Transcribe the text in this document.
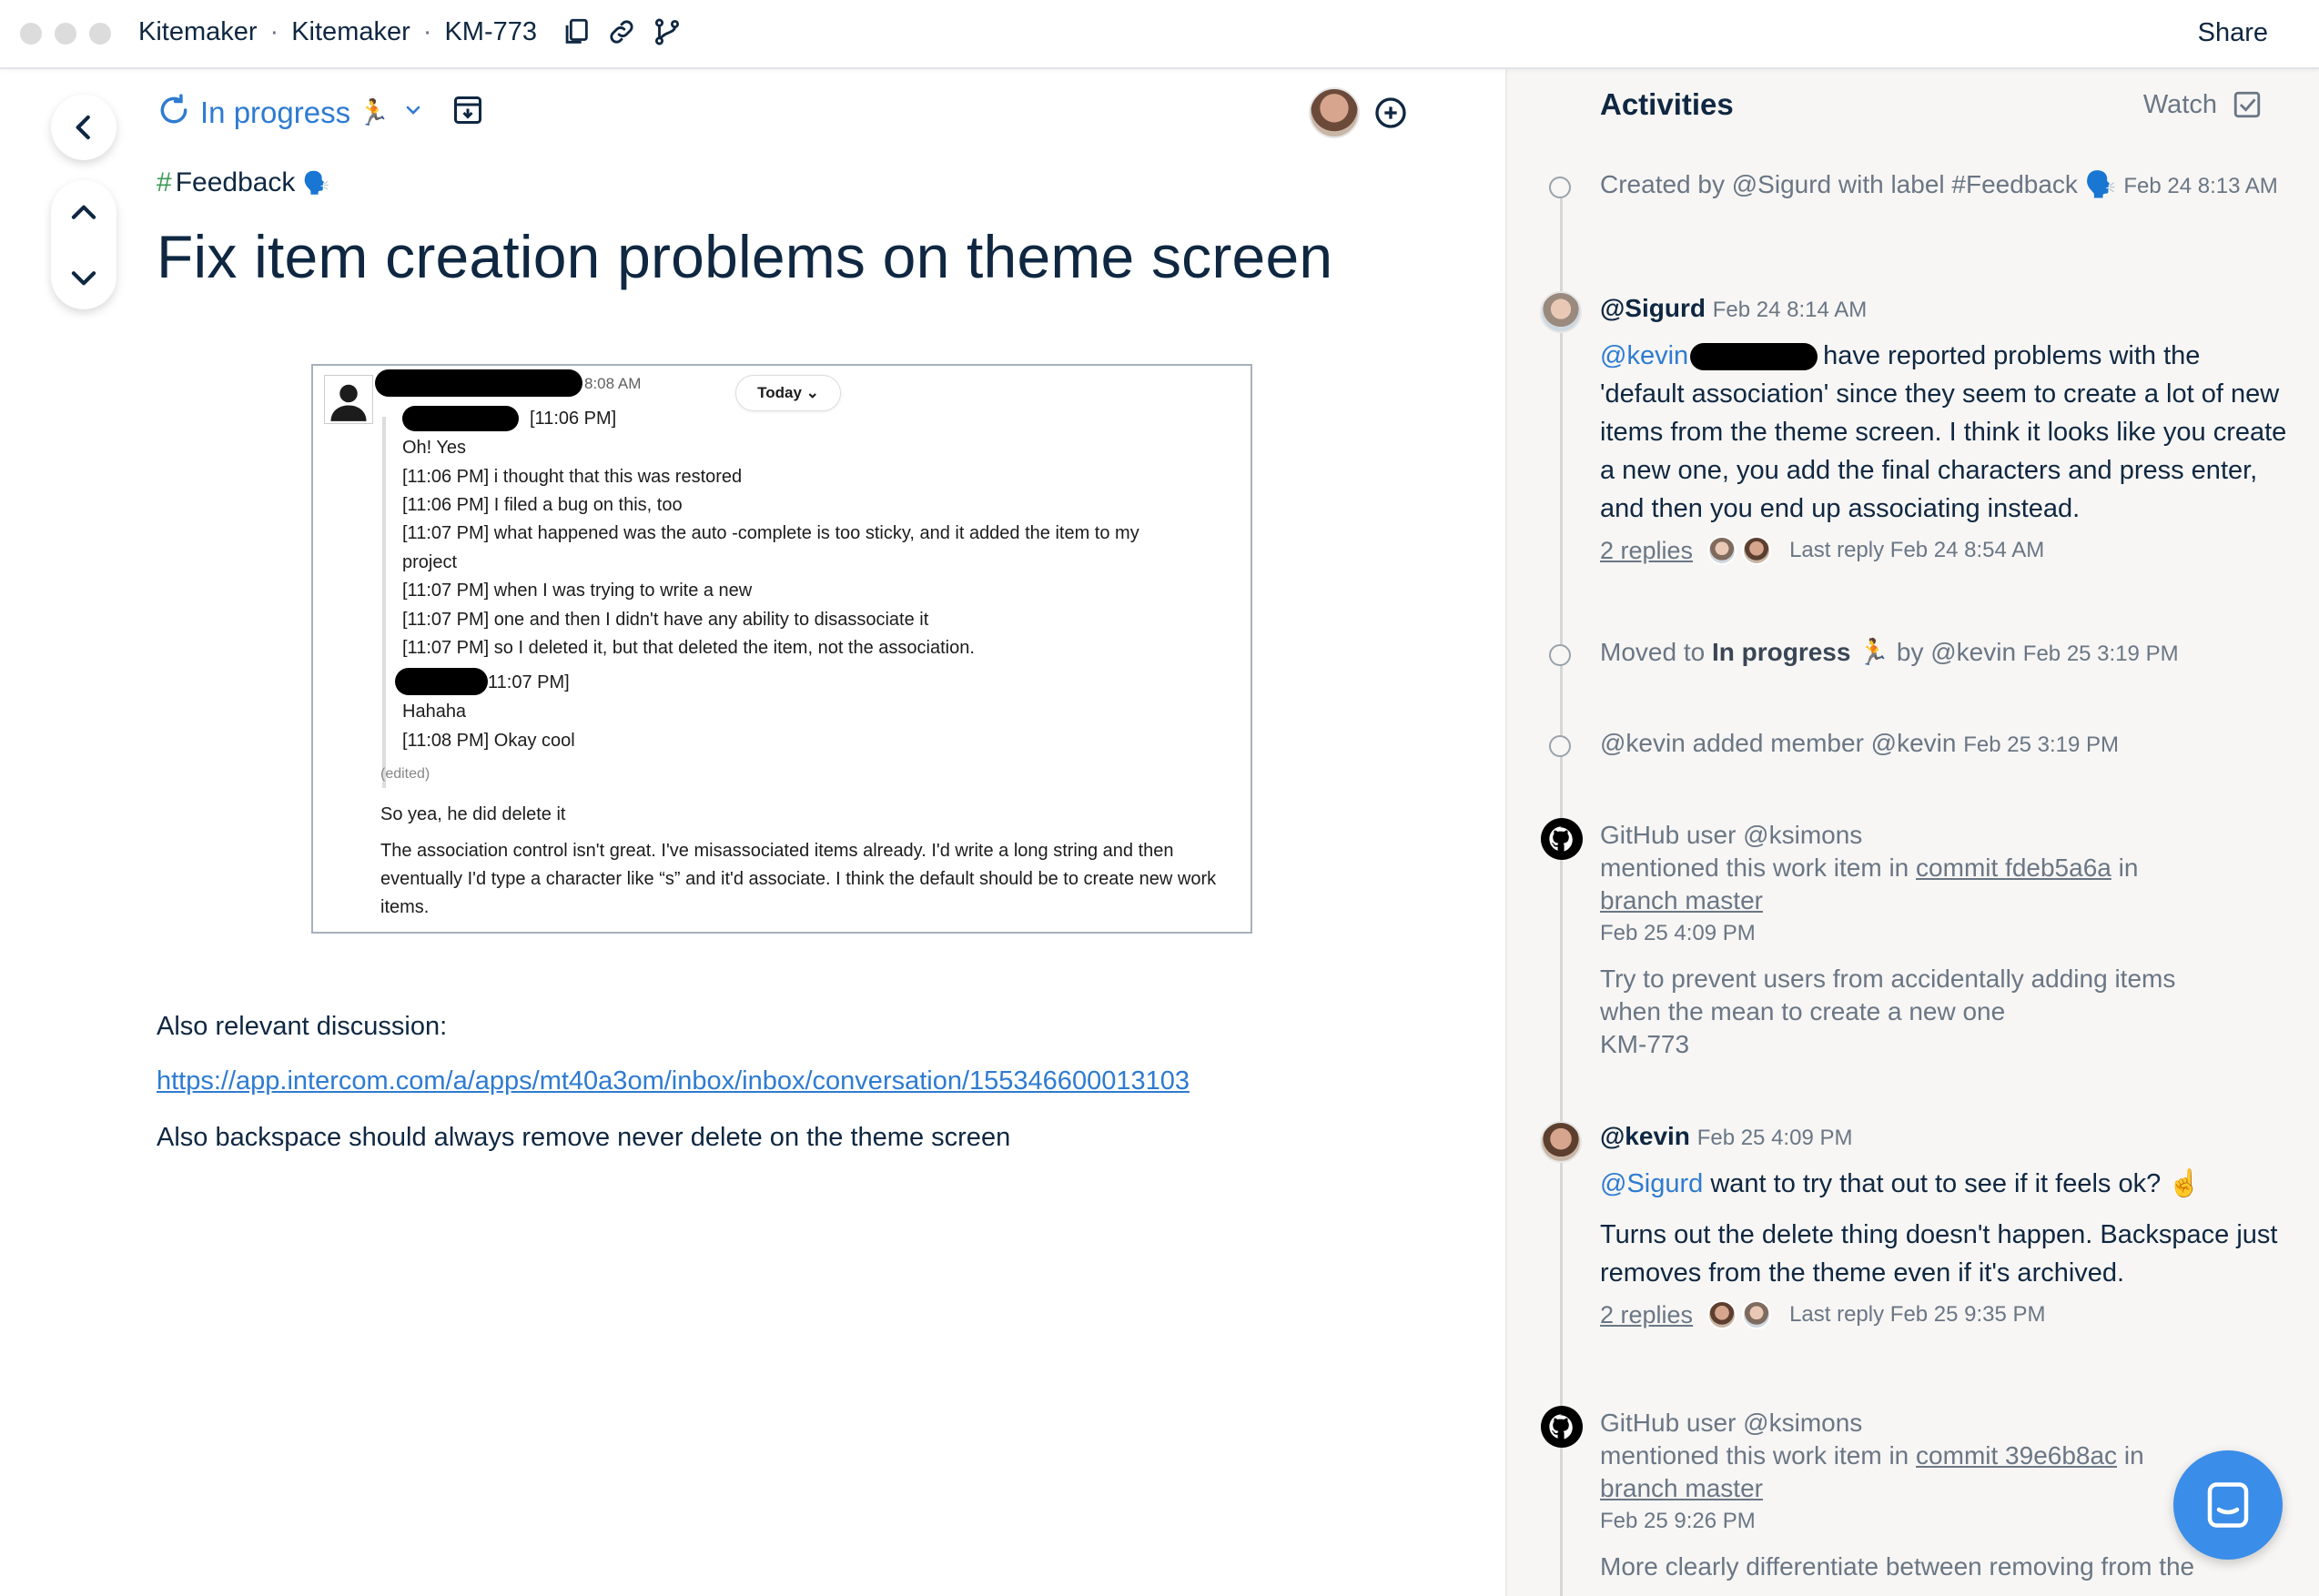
Kitemaker · Kitemaker · KM-773	Share
In progress 🏃
# Feedback 🗣️
Fix item creation problems on theme screen
8:08 AM
Today ⌄
[11:06 PM]
Oh! Yes
[11:06 PM] i thought that this was restored
[11:06 PM] I filed a bug on this, too
[11:07 PM] what happened was the auto -complete is too sticky, and it added the item to my
project
[11:07 PM] when I was trying to write a new
[11:07 PM] one and then I didn't have any ability to disassociate it
[11:07 PM] so I deleted it, but that deleted the item, not the association.
11:07 PM]
Hahaha
[11:08 PM] Okay cool
(edited)
So yea, he did delete it
The association control isn't great. I've misassociated items already. I'd write a long string and then eventually I'd type a character like “s” and it'd associate. I think the default should be to create new work items.
Also relevant discussion:
https://app.intercom.com/a/apps/mt40a3om/inbox/inbox/conversation/155346600013103
Also backspace should always remove never delete on the theme screen
Activities	Watch
Created by @Sigurd with label #Feedback 🗣️ Feb 24 8:13 AM
@Sigurd Feb 24 8:14 AM
@kevin	have reported problems with the 'default association' since they seem to create a lot of new items from the theme screen. I think it looks like you create a new one, you add the final characters and press enter, and then you end up associating instead.
2 replies	Last reply Feb 24 8:54 AM
Moved to In progress 🏃 by @kevin Feb 25 3:19 PM
@kevin added member @kevin Feb 25 3:19 PM
GitHub user @ksimons
mentioned this work item in commit fdeb5a6a in
branch master
Feb 25 4:09 PM
Try to prevent users from accidentally adding items
when the mean to create a new one
KM-773
@kevin Feb 25 4:09 PM
@Sigurd want to try that out to see if it feels ok? ☝️
Turns out the delete thing doesn't happen. Backspace just removes from the theme even if it's archived.
2 replies	Last reply Feb 25 9:35 PM
GitHub user @ksimons
mentioned this work item in commit 39e6b8ac in
branch master
Feb 25 9:26 PM
More clearly differentiate between removing from the
